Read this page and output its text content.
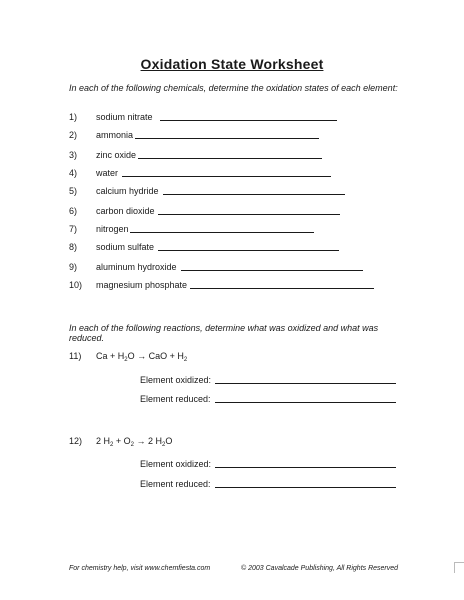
Oxidation State Worksheet
In each of the following chemicals, determine the oxidation states of each element:
1) sodium nitrate
2) ammonia
3) zinc oxide
4) water
5) calcium hydride
6) carbon dioxide
7) nitrogen
8) sodium sulfate
9) aluminum hydroxide
10) magnesium phosphate
In each of the following reactions, determine what was oxidized and what was reduced.
11) $Ca + H_2O$ → CaO + $H_2$
Element oxidized:
Element reduced:
12) 2 $H_2 + O_2 \to 2$ $H_2O$
Element oxidized:
Element reduced:
For chemistry help, visit www.chemfiesta.com	© 2003 Cavalcade Publishing, All Rights Reserved
